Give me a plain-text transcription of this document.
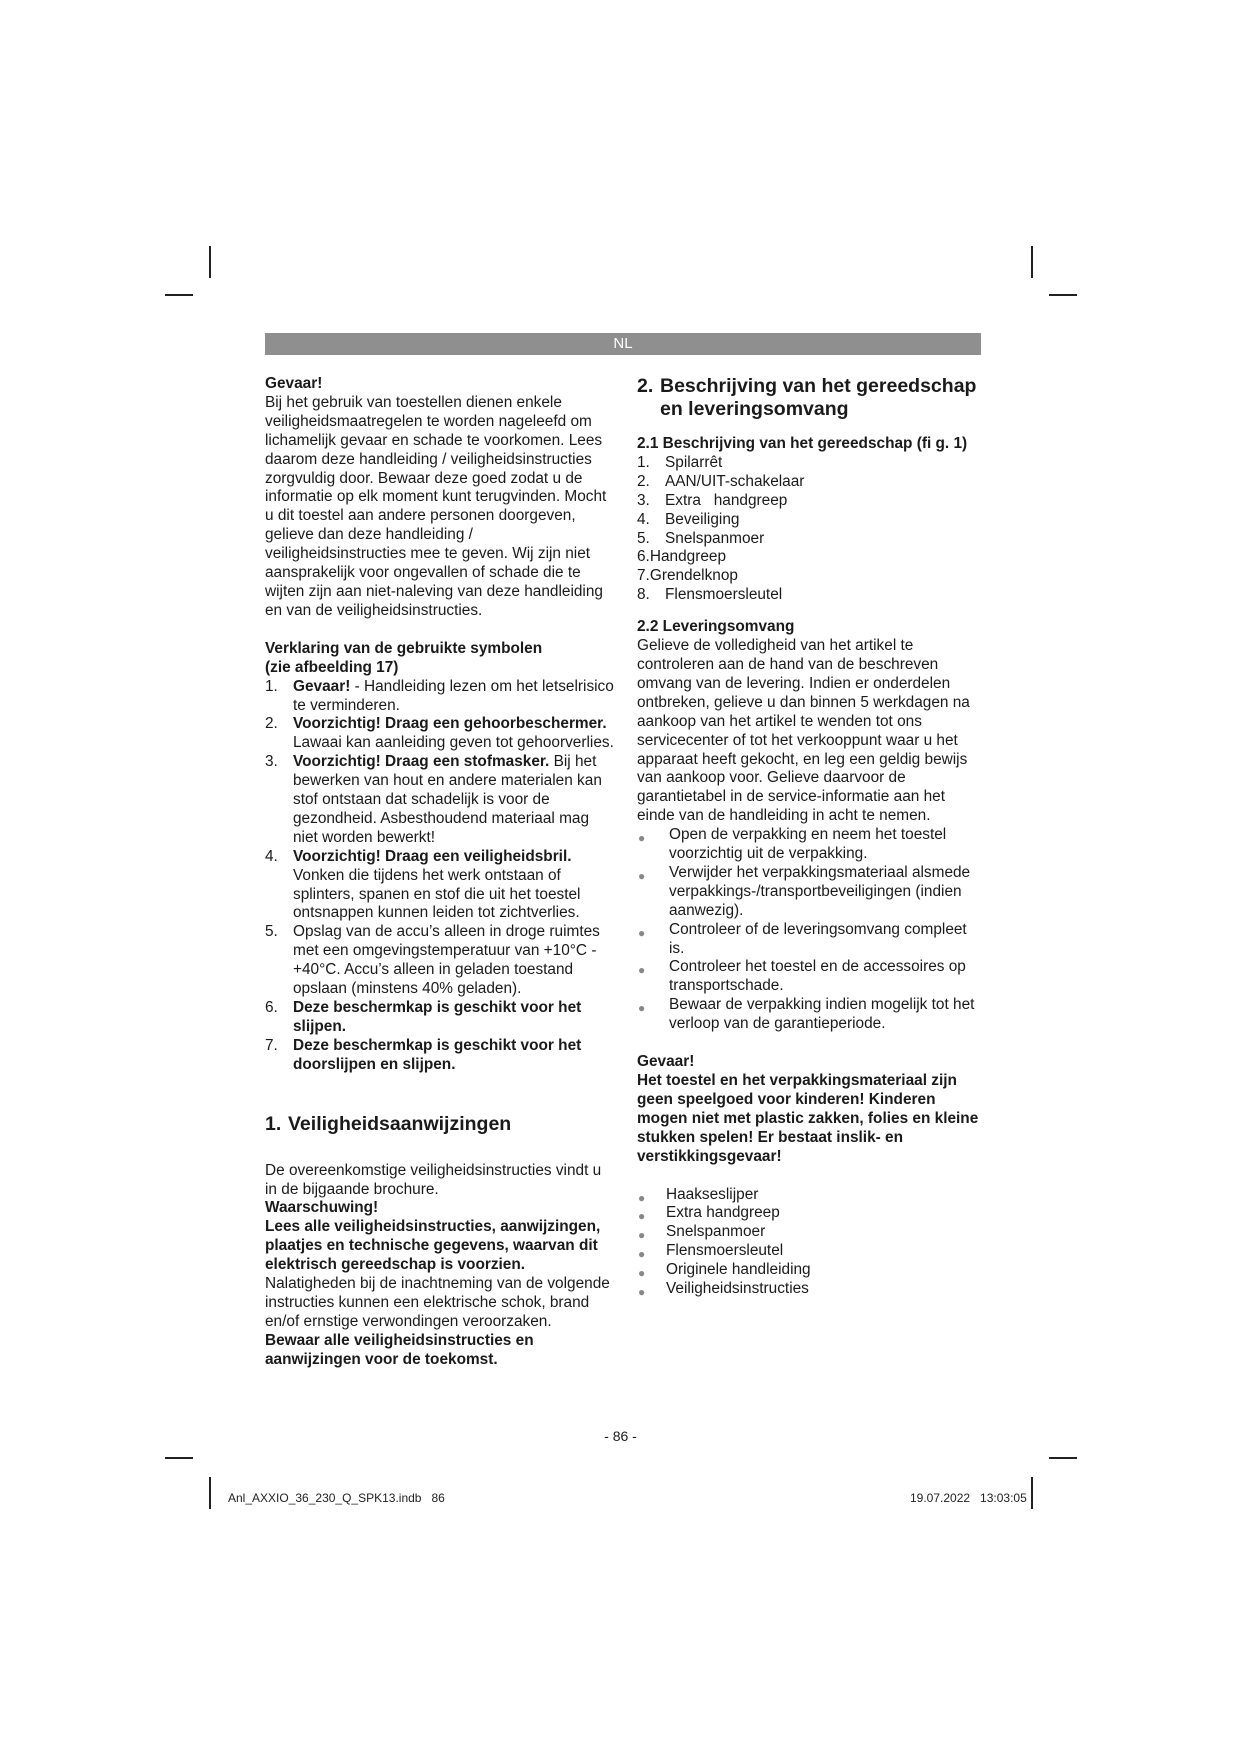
NL

Gevaar!

Bij het gebruik van toestellen dienen enkele veiligheidsmaatregelen te worden nageleefd om lichamelijk gevaar en schade te voorkomen. Lees daarom deze handleiding / veiligheidsinstructies zorgvuldig door. Bewaar deze goed zodat u de informatie op elk moment kunt terugvinden. Mocht u dit toestel aan andere personen doorgeven, gelieve dan deze handleiding / veiligheidsinstructies mee te geven. Wij zijn niet aansprakelijk voor ongevallen of schade die te wijten zijn aan niet-naleving van deze handleiding en van de veiligheidsinstructies.

Verklaring van de gebruikte symbolen

(zie afbeelding 17)

1. Gevaar! - Handleiding lezen om het letselrisico te verminderen.
2. Voorzichtig! Draag een gehoorbeschermer. Lawaai kan aanleiding geven tot gehoorverlies.
3. Voorzichtig! Draag een stofmasker. Bij het bewerken van hout en andere materialen kan stof ontstaan dat schadelijk is voor de gezondheid. Asbesthoudend materiaal mag niet worden bewerkt!
4. Voorzichtig! Draag een veiligheidsbril. Vonken die tijdens het werk ontstaan of splinters, spanen en stof die uit het toestel ontsnappen kunnen leiden tot zichtverlies.
5. Opslag van de accu’s alleen in droge ruimtes met een omgevingstemperatuur van +10°C - +40°C. Accu’s alleen in geladen toestand opslaan (minstens 40% geladen).
6. Deze beschermkap is geschikt voor het slijpen.
7. Deze beschermkap is geschikt voor het doorslijpen en slijpen.
1. Veiligheidsaanwijzingen

De overeenkomstige veiligheidsinstructies vindt u in de bijgaande brochure.

Waarschuwing!

Lees alle veiligheidsinstructies, aanwijzingen, plaatjes en technische gegevens, waarvan dit elektrisch gereedschap is voorzien.

Nalatigheden bij de inachtneming van de volgende instructies kunnen een elektrische schok, brand en/of ernstige verwondingen veroorzaken.

Bewaar alle veiligheidsinstructies en aanwijzingen voor de toekomst.

2. Beschrijving van het gereedschap en leveringsomvang
2.1 Beschrijving van het gereedschap (fi g. 1)
1. Spilarrêt
2. AAN/UIT-schakelaar
3. Extra   handgreep
4. Beveiliging
5. Snelspanmoer
6.Handgreep
7.Grendelknop
8. Flensmoersleutel
2.2 Leveringsomvang

Gelieve de volledigheid van het artikel te controleren aan de hand van de beschreven omvang van de levering. Indien er onderdelen ontbreken, gelieve u dan binnen 5 werkdagen na aankoop van het artikel te wenden tot ons servicecenter of tot het verkooppunt waar u het apparaat heeft gekocht, en leg een geldig bewijs van aankoop voor. Gelieve daarvoor de garantietabel in de service-informatie aan het einde van de handleiding in acht te nemen.

● Open de verpakking en neem het toestel voorzichtig uit de verpakking.
● Verwijder het verpakkingsmateriaal alsmede verpakkings-/transportbeveiligingen (indien aanwezig).
● Controleer of de leveringsomvang compleet is.
● Controleer het toestel en de accessoires op transportschade.
● Bewaar de verpakking indien mogelijk tot het verloop van de garantieperiode.

Gevaar!

Het toestel en het verpakkingsmateriaal zijn geen speelgoed voor kinderen! Kinderen mogen niet met plastic zakken, folies en kleine stukken spelen! Er bestaat inslik- en verstikkingsgevaar!

● Haakseslijper
● Extra handgreep
● Snelspanmoer
● Flensmoersleutel
● Originele handleiding
● Veiligheidsinstructies
- 86 -
Anl_AXXIO_36_230_Q_SPK13.indb   86	19.07.2022   13:03:05
